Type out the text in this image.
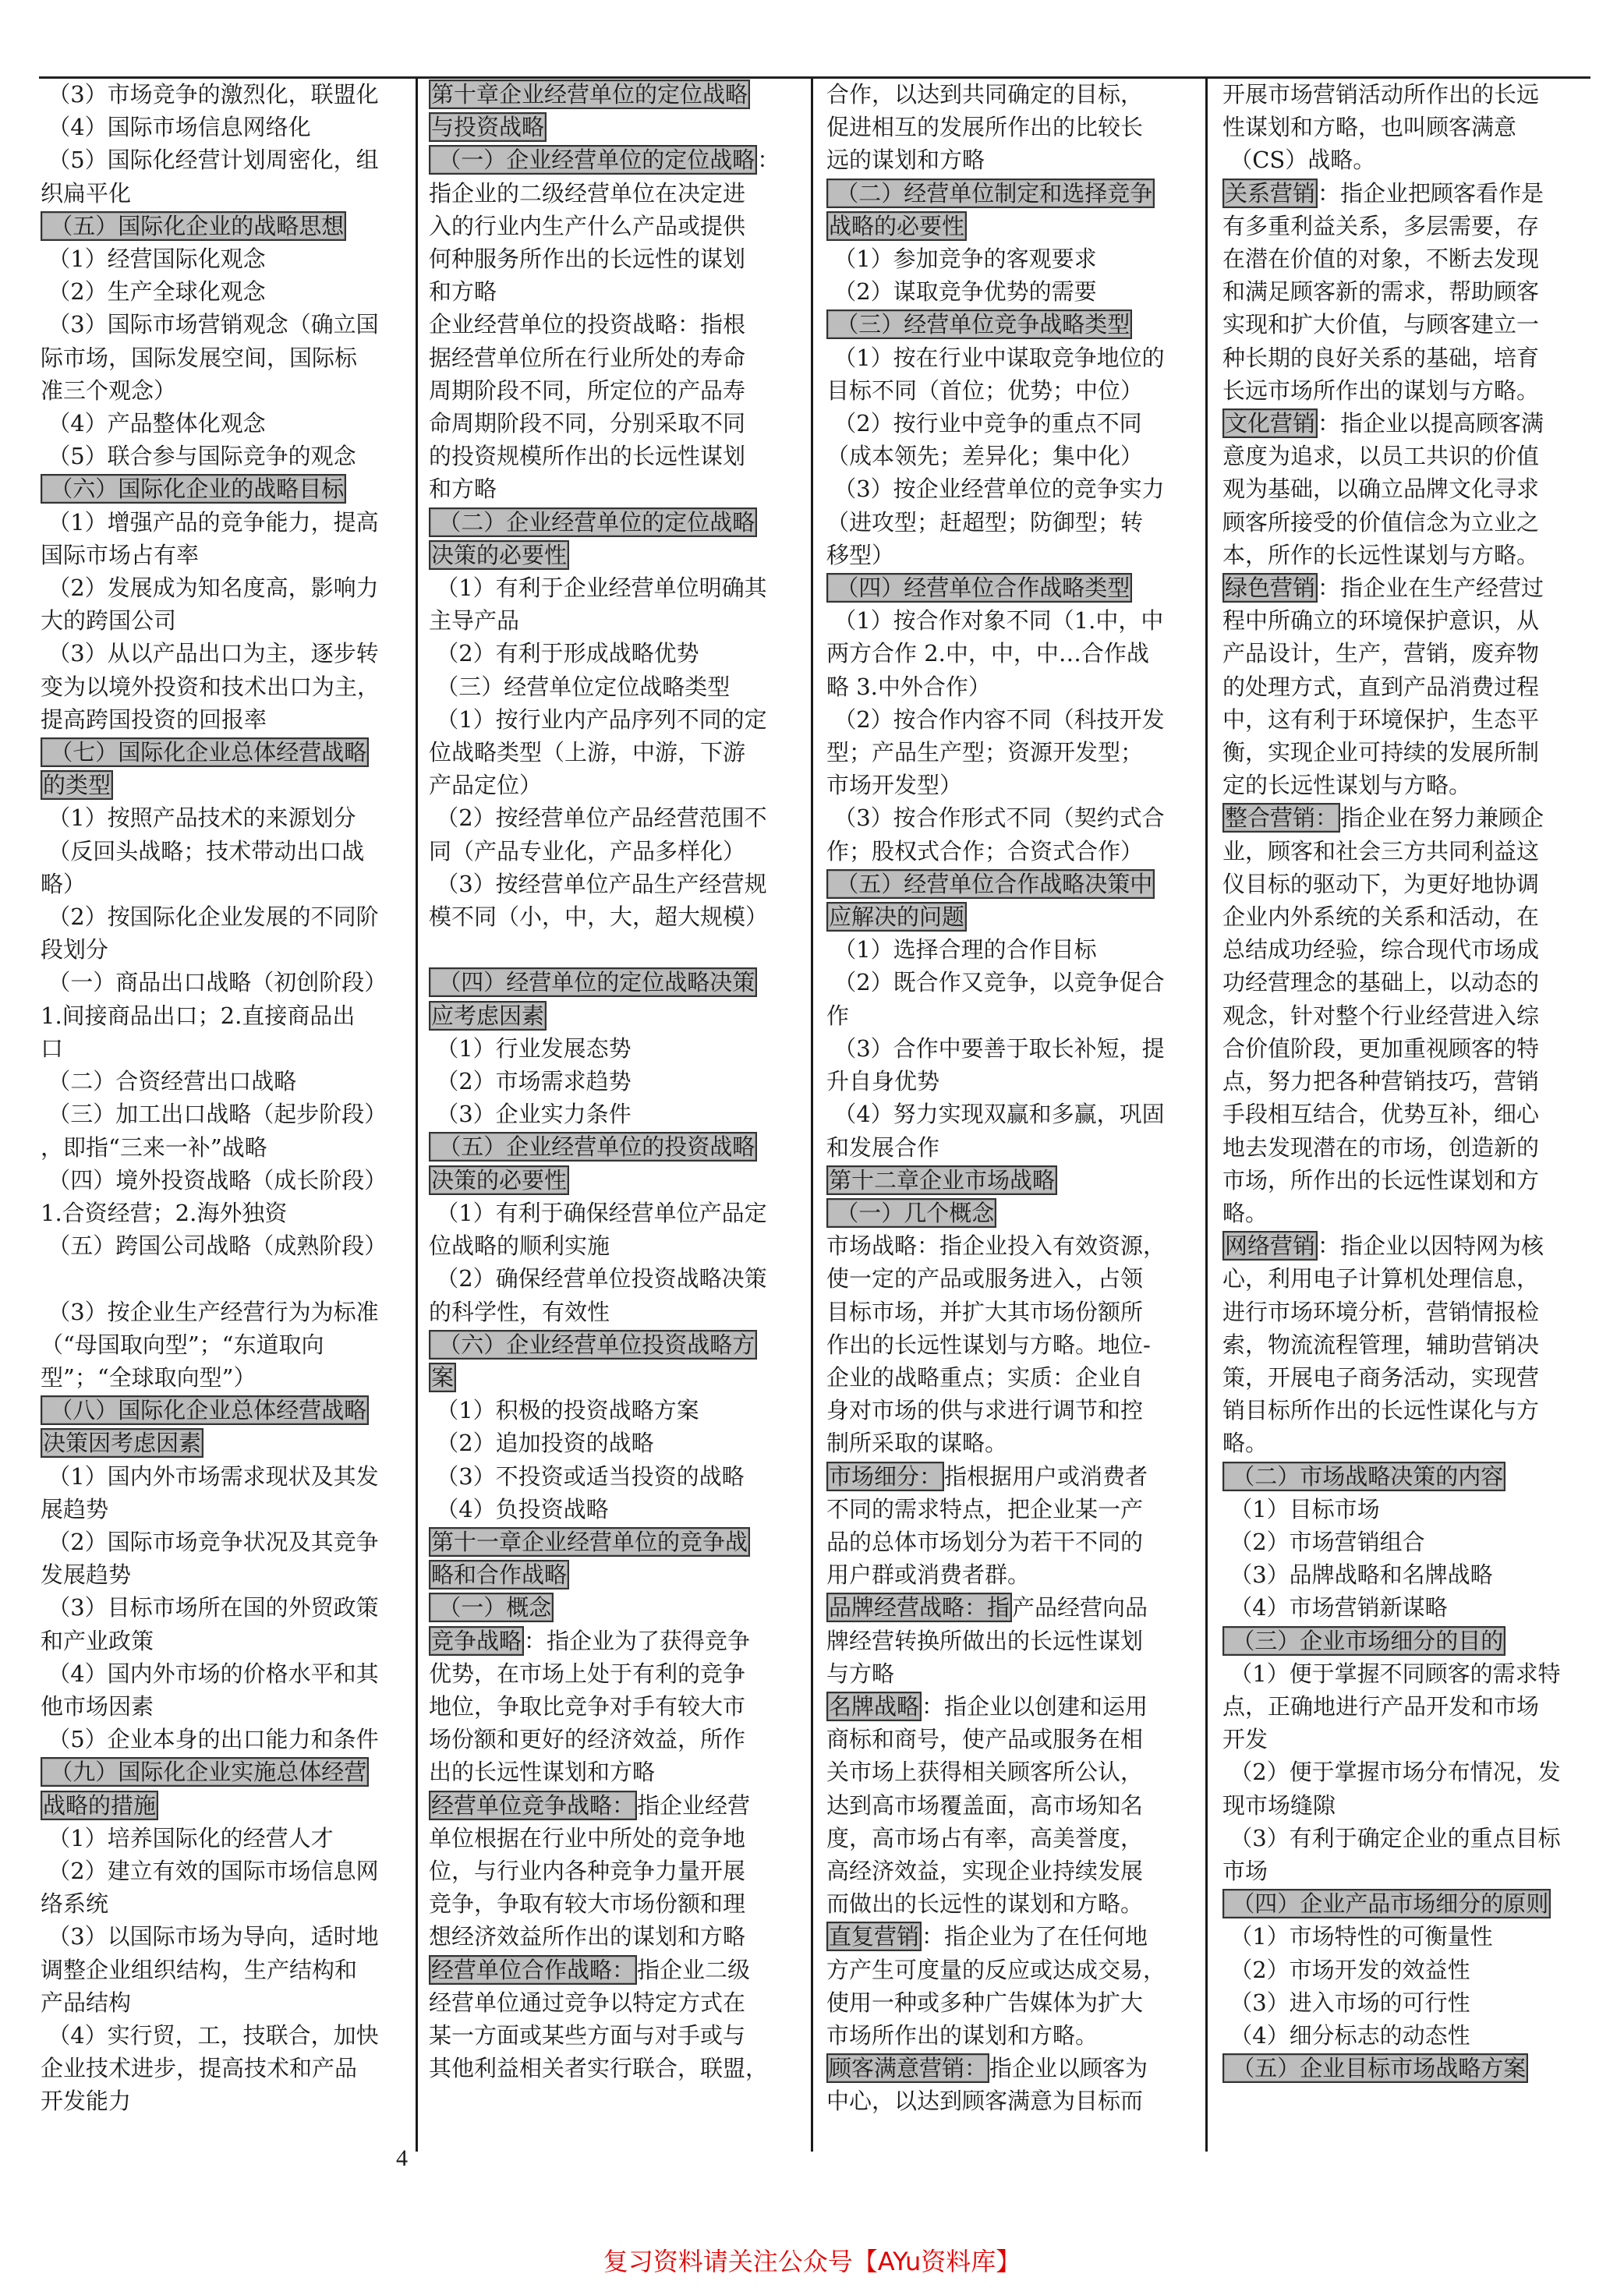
（3）市场竞争的激烈化，联盟化
（4）国际市场信息网络化
（5）国际化经营计划周密化，组
织扁平化
（五）国际化企业的战略思想
（1）经营国际化观念
（2）生产全球化观念
（3）国际市场营销观念（确立国
际市场，国际发展空间，国际标
准三个观念）
（4）产品整体化观念
（5）联合参与国际竞争的观念
（六）国际化企业的战略目标
（1）增强产品的竞争能力，提高
国际市场占有率
（2）发展成为知名度高，影响力
大的跨国公司
（3）从以产品出口为主，逐步转
变为以境外投资和技术出口为主，
提高跨国投资的回报率
（七）国际化企业总体经营战略
的类型
（1）按照产品技术的来源划分
（反回头战略；技术带动出口战
略）
（2）按国际化企业发展的不同阶
段划分
（一）商品出口战略（初创阶段）
1.间接商品出口；2.直接商品出
口
（二）合资经营出口战略
（三）加工出口战略（起步阶段）
，即指“三来一补”战略
（四）境外投资战略（成长阶段）
1.合资经营；2.海外独资
（五）跨国公司战略（成熟阶段）
（3）按企业生产经营行为为标准
（“母国取向型”；“东道取向
型”；“全球取向型”）
（八）国际化企业总体经营战略
决策因考虑因素
（1）国内外市场需求现状及其发
展趋势
（2）国际市场竞争状况及其竞争
发展趋势
（3）目标市场所在国的外贸政策
和产业政策
（4）国内外市场的价格水平和其
他市场因素
（5）企业本身的出口能力和条件
（九）国际化企业实施总体经营
战略的措施
（1）培养国际化的经营人才
（2）建立有效的国际市场信息网
络系统
（3）以国际市场为导向，适时地
调整企业组织结构，生产结构和
产品结构
（4）实行贸，工，技联合，加快
企业技术进步，提高技术和产品
开发能力
第十章企业经营单位的定位战略
与投资战略
（一）企业经营单位的定位战略 ：
指企业的二级经营单位在决定进
入的行业内生产什么产品或提供
何种服务所作出的长远性的谋划
和方略
企业经营单位的投资战略：指根
据经营单位所在行业所处的寿命
周期阶段不同，所定位的产品寿
命周期阶段不同，分别采取不同
的投资规模所作出的长远性谋划
和方略
（二）企业经营单位的定位战略
决策的必要性
（1）有利于企业经营单位明确其
主导产品
（2）有利于形成战略优势
（三）经营单位定位战略类型
（1）按行业内产品序列不同的定
位战略类型（上游，中游，下游
产品定位）
（2）按经营单位产品经营范围不
同（产品专业化，产品多样化）
（3）按经营单位产品生产经营规
模不同（小，中，大，超大规模）
（四）经营单位的定位战略决策
应考虑因素
（1）行业发展态势
（2）市场需求趋势
（3）企业实力条件
（五）企业经营单位的投资战略
决策的必要性
（1）有利于确保经营单位产品定
位战略的顺利实施
（2）确保经营单位投资战略决策
的科学性，有效性
（六）企业经营单位投资战略方
案
（1）积极的投资战略方案
（2）追加投资的战略
（3）不投资或适当投资的战略
（4）负投资战略
第十一章企业经营单位的竞争战
略和合作战略
（一）概念
竞争战略 ：指企业为了获得竞争
优势，在市场上处于有利的竞争
地位，争取比竞争对手有较大市
场份额和更好的经济效益，所作
出的长远性谋划和方略
经营单位竞争战略： 指企业经营
单位根据在行业中所处的竞争地
位，与行业内各种竞争力量开展
竞争，争取有较大市场份额和理
想经济效益所作出的谋划和方略
经营单位合作战略： 指企业二级
经营单位通过竞争以特定方式在
某一方面或某些方面与对手或与
其他利益相关者实行联合，联盟，
合作，以达到共同确定的目标，
促进相互的发展所作出的比较长
远的谋划和方略
（二）经营单位制定和选择竞争
战略的必要性
（1）参加竞争的客观要求
（2）谋取竞争优势的需要
（三）经营单位竞争战略类型
（1）按在行业中谋取竞争地位的
目标不同（首位；优势；中位）
（2）按行业中竞争的重点不同
（成本领先；差异化；集中化）
（3）按企业经营单位的竞争实力
（进攻型；赶超型；防御型；转
移型）
（四）经营单位合作战略类型
（1）按合作对象不同（1.中，中
两方合作 2.中，中，中…合作战
略 3.中外合作）
（2）按合作内容不同（科技开发
型；产品生产型；资源开发型；
市场开发型）
（3）按合作形式不同（契约式合
作；股权式合作；合资式合作）
（五）经营单位合作战略决策中
应解决的问题
（1）选择合理的合作目标
（2）既合作又竞争，以竞争促合
作
（3）合作中要善于取长补短，提
升自身优势
（4）努力实现双赢和多赢，巩固
和发展合作
第十二章企业市场战略
（一）几个概念
市场战略：指企业投入有效资源，
使一定的产品或服务进入，占领
目标市场，并扩大其市场份额所
作出的长远性谋划与方略。地位-
企业的战略重点；实质：企业自
身对市场的供与求进行调节和控
制所采取的谋略。
市场细分： 指根据用户或消费者
不同的需求特点，把企业某一产
品的总体市场划分为若干不同的
用户群或消费者群。
品牌经营战略：指 产品经营向品
牌经营转换所做出的长远性谋划
与方略
名牌战略 ：指企业以创建和运用
商标和商号，使产品或服务在相
关市场上获得相关顾客所公认，
达到高市场覆盖面，高市场知名
度，高市场占有率，高美誉度，
高经济效益，实现企业持续发展
而做出的长远性的谋划和方略。
直复营销 ：指企业为了在任何地
方产生可度量的反应或达成交易，
使用一种或多种广告媒体为扩大
市场所作出的谋划和方略。
顾客满意营销： 指企业以顾客为
中心，以达到顾客满意为目标而
开展市场营销活动所作出的长远
性谋划和方略，也叫顾客满意
（CS）战略。
关系营销 ：指企业把顾客看作是
有多重利益关系，多层需要，存
在潜在价值的对象，不断去发现
和满足顾客新的需求，帮助顾客
实现和扩大价值，与顾客建立一
种长期的良好关系的基础，培育
长远市场所作出的谋划与方略。
文化营销 ：指企业以提高顾客满
意度为追求，以员工共识的价值
观为基础，以确立品牌文化寻求
顾客所接受的价值信念为立业之
本，所作的长远性谋划与方略。
绿色营销 ：指企业在生产经营过
程中所确立的环境保护意识，从
产品设计，生产，营销，废弃物
的处理方式，直到产品消费过程
中，这有利于环境保护，生态平
衡，实现企业可持续的发展所制
定的长远性谋划与方略。
整合营销： 指企业在努力兼顾企
业，顾客和社会三方共同利益这
仪目标的驱动下，为更好地协调
企业内外系统的关系和活动，在
总结成功经验，综合现代市场成
功经营理念的基础上，以动态的
观念，针对整个行业经营进入综
合价值阶段，更加重视顾客的特
点，努力把各种营销技巧，营销
手段相互结合，优势互补，细心
地去发现潜在的市场，创造新的
市场，所作出的长远性谋划和方
略。
网络营销 ：指企业以因特网为核
心，利用电子计算机处理信息，
进行市场环境分析，营销情报检
索，物流流程管理，辅助营销决
策，开展电子商务活动，实现营
销目标所作出的长远性谋化与方
略。
（二）市场战略决策的内容
（1）目标市场
（2）市场营销组合
（3）品牌战略和名牌战略
（4）市场营销新谋略
（三）企业市场细分的目的
（1）便于掌握不同顾客的需求特
点，正确地进行产品开发和市场
开发
（2）便于掌握市场分布情况，发
现市场缝隙
（3）有利于确定企业的重点目标
市场
（四）企业产品市场细分的原则
（1）市场特性的可衡量性
（2）市场开发的效益性
（3）进入市场的可行性
（4）细分标志的动态性
（五）企业目标市场战略方案
4
复习资料请关注公众号【AYu资料库】
